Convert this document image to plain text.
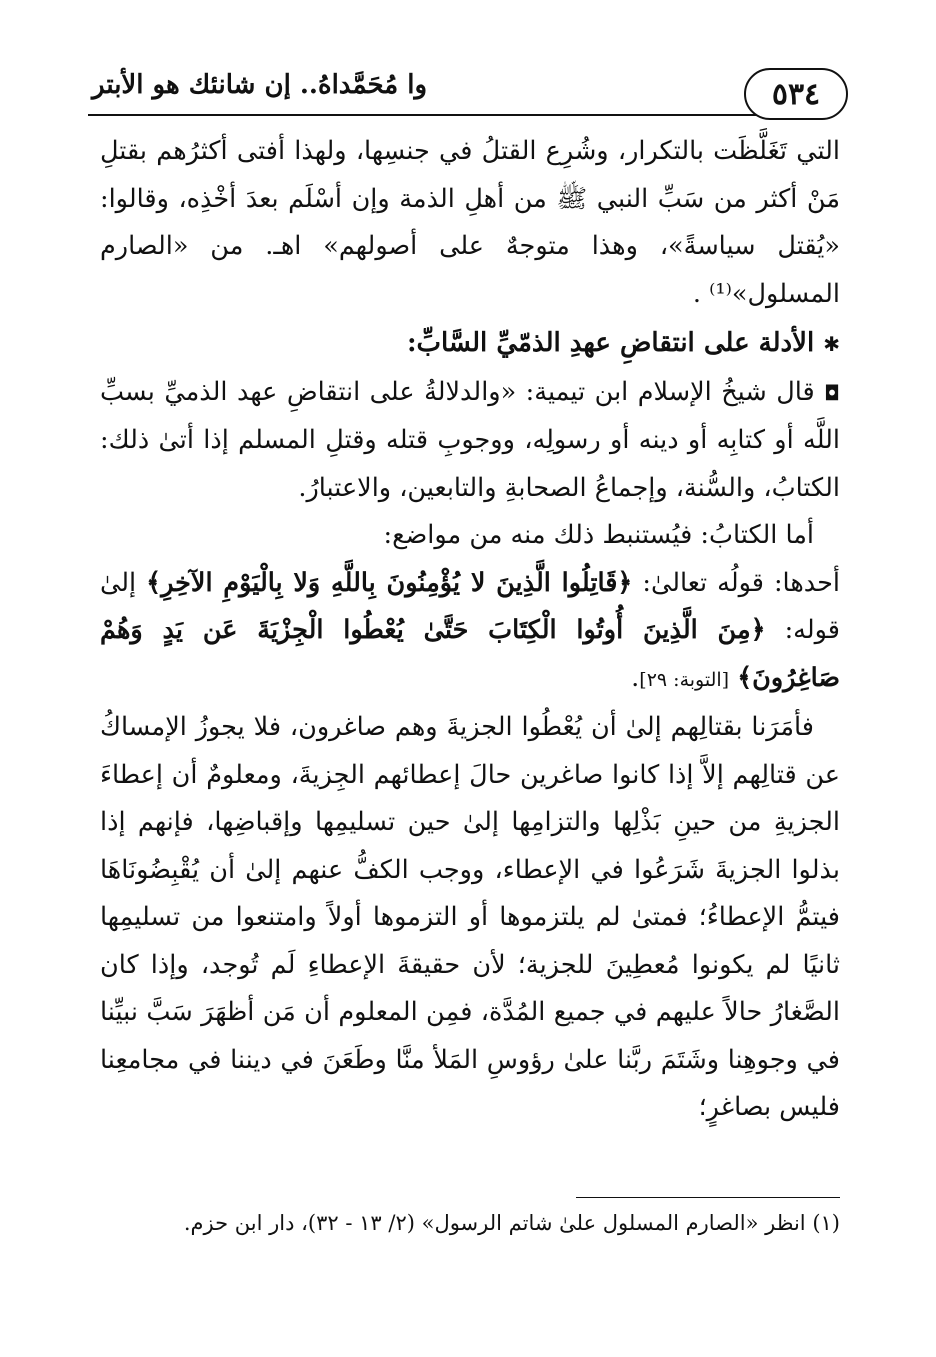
وا مُحَمَّداهُ.. إن شانئك هو الأبتر	٥٣٤

التي تَغَلَّظَت بالتكرار، وشُرِع القتلُ في جنسِها، ولهذا أفتى أكثرُهم بقتلِ مَنْ أكثر من سَبِّ النبي ﷺ من أهلِ الذمة وإن أسْلَم بعدَ أخْذِه، وقالوا: «يُقتل سياسةً»، وهذا متوجهٌ على أصولهم» اهـ. من «الصارم المسلول»⁽¹⁾ .

✱ الأدلة على انتقاضِ عهدِ الذمّيِّ السَّابِّ:

◘ قال شيخُ الإسلام ابن تيمية: «والدلالةُ على انتقاضِ عهد الذميِّ بسبِّ اللَّه أو كتابِه أو دينه أو رسولِه، ووجوبِ قتله وقتلِ المسلم إذا أتىٰ ذلك: الكتابُ، والسُّنة، وإجماعُ الصحابةِ والتابعين، والاعتبارُ.

أما الكتابُ: فيُستنبط ذلك منه من مواضع:

أحدها: قولُه تعالىٰ: ﴿قَاتِلُوا الَّذِينَ لا يُؤْمِنُونَ بِاللَّهِ وَلا بِالْيَوْمِ الآخِرِ﴾ إلىٰ قوله: ﴿مِنَ الَّذِينَ أُوتُوا الْكِتَابَ حَتَّىٰ يُعْطُوا الْجِزْيَةَ عَن يَدٍ وَهُمْ صَاغِرُونَ﴾ [التوبة: ٢٩].

فأمَرَنا بقتالِهم إلىٰ أن يُعْطُوا الجزيةَ وهم صاغرون، فلا يجوزُ الإمساكُ عن قتالِهم إلاَّ إذا كانوا صاغرين حالَ إعطائهم الجِزيةَ، ومعلومٌ أن إعطاءَ الجزيةِ من حينِ بَذْلِها والتزامِها إلىٰ حين تسليمِها وإقباضِها، فإنهم إذا بذلوا الجزيةَ شَرَعُوا في الإعطاء، ووجب الكفُّ عنهم إلىٰ أن يُقْبِضُونَاهَا فيتمُّ الإعطاءُ؛ فمتىٰ لم يلتزموها أو التزموها أولاً وامتنعوا من تسليمِها ثانيًا لم يكونوا مُعطِينَ للجزية؛ لأن حقيقةَ الإعطاءِ لَم تُوجد، وإذا كان الصَّغارُ حالاً عليهم في جميع المُدَّة، فمِن المعلوم أن مَن أظهَرَ سَبَّ نبيِّنا في وجوهِنا وشَتَمَ ربَّنا علىٰ رؤوسِ المَلأ منَّا وطَعَنَ في ديننا في مجامعِنا فليس بصاغرٍ؛

(١) انظر «الصارم المسلول علىٰ شاتم الرسول» (٢/ ١٣ - ٣٢)، دار ابن حزم.
